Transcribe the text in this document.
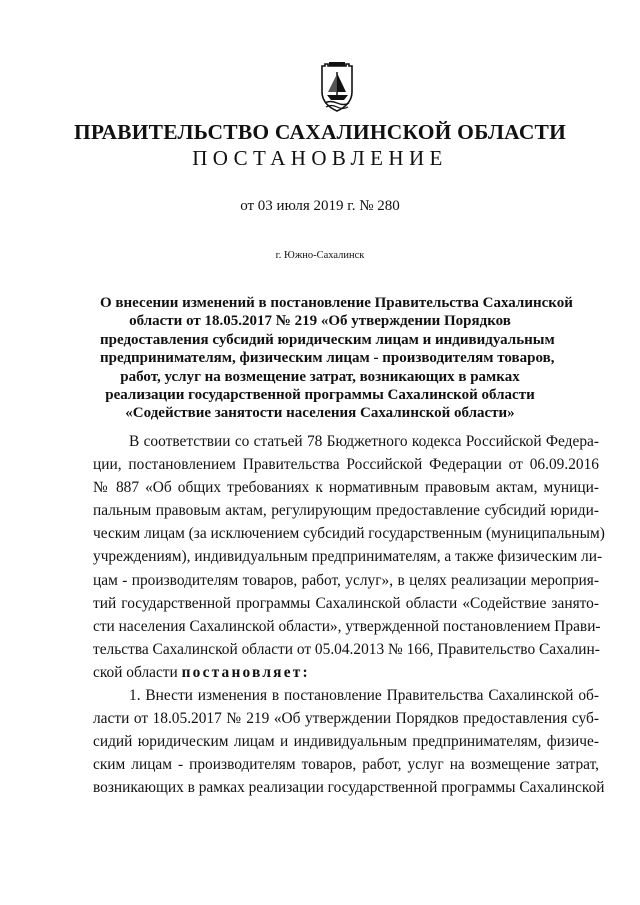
ПРАВИТЕЛЬСТВО САХАЛИНСКОЙ ОБЛАСТИ
ПОСТАНОВЛЕНИЕ
от 03 июля 2019 г. № 280
г. Южно-Сахалинск
О внесении изменений в постановление Правительства Сахалинской
области от 18.05.2017 № 219 «Об утверждении Порядков
предоставления субсидий юридическим лицам и индивидуальным
предпринимателям, физическим лицам - производителям товаров,
работ, услуг на возмещение затрат, возникающих в рамках
реализации государственной программы Сахалинской области
«Содействие занятости населения Сахалинской области»
В соответствии со статьей 78 Бюджетного кодекса Российской Федера-
ции, постановлением Правительства Российской Федерации от 06.09.2016
№ 887 «Об общих требованиях к нормативным правовым актам, муници-
пальным правовым актам, регулирующим предоставление субсидий юриди-
ческим лицам (за исключением субсидий государственным (муниципальным)
учреждениям), индивидуальным предпринимателям, а также физическим ли-
цам - производителям товаров, работ, услуг», в целях реализации мероприя-
тий государственной программы Сахалинской области «Содействие занято-
сти населения Сахалинской области», утвержденной постановлением Прави-
тельства Сахалинской области от 05.04.2013 № 166, Правительство Сахалин-
ской области постановляет:
1. Внести изменения в постановление Правительства Сахалинской об-
ласти от 18.05.2017 № 219 «Об утверждении Порядков предоставления суб-
сидий юридическим лицам и индивидуальным предпринимателям, физиче-
ским лицам - производителям товаров, работ, услуг на возмещение затрат,
возникающих в рамках реализации государственной программы Сахалинской
